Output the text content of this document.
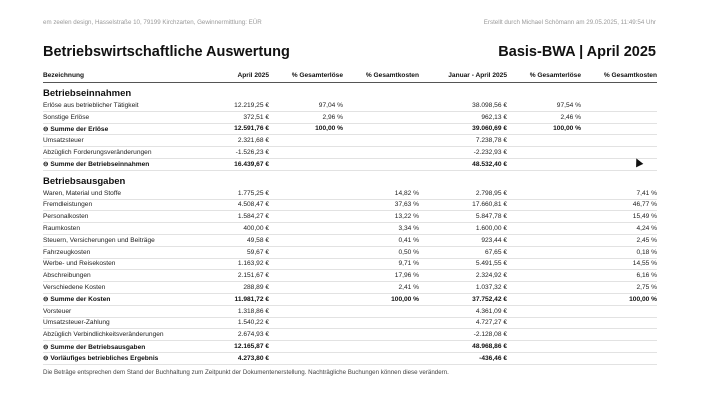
em zeelen design, Hasselstraße 10, 79199 Kirchzarten, Gewinnermittlung: EÜR	Erstellt durch Michael Schömann am 29.05.2025, 11:49:54 Uhr
Betriebswirtschaftliche Auswertung	Basis-BWA | April 2025
Bezeichnung	April 2025	% Gesamterlöse	% Gesamtkosten	Januar - April 2025	% Gesamterlöse	% Gesamtkosten
Betriebseinnahmen						
Erlöse aus betrieblicher Tätigkeit	12.219,25 €	97,04 %		38.098,56 €	97,54 %	
Sonstige Erlöse	372,51 €	2,96 %		962,13 €	2,46 %	
⊖ Summe der Erlöse	12.591,76 €	100,00 %		39.060,69 €	100,00 %	
Umsatzsteuer	2.321,68 €			7.238,78 €		
Abzüglich Forderungsveränderungen	-1.526,23 €			-2.232,93 €		
⊖ Summe der Betriebseinnahmen	16.439,67 €			48.532,40 €		
Betriebsausgaben						
Waren, Material und Stoffe	1.775,25 €		14,82 %	2.798,95 €		7,41 %
Fremdleistungen	4.508,47 €		37,63 %	17.660,81 €		46,77 %
Personalkosten	1.584,27 €		13,22 %	5.847,78 €		15,49 %
Raumkosten	400,00 €		3,34 %	1.600,00 €		4,24 %
Steuern, Versicherungen und Beiträge	49,58 €		0,41 %	923,44 €		2,45 %
Fahrzeugkosten	59,67 €		0,50 %	67,65 €		0,18 %
Werbe- und Reisekosten	1.163,92 €		9,71 %	5.491,55 €		14,55 %
Abschreibungen	2.151,67 €		17,96 %	2.324,92 €		6,16 %
Verschiedene Kosten	288,89 €		2,41 %	1.037,32 €		2,75 %
⊖ Summe der Kosten	11.981,72 €		100,00 %	37.752,42 €		100,00 %
Vorsteuer	1.318,86 €			4.361,09 €		
Umsatzsteuer-Zahlung	1.540,22 €			4.727,27 €		
Abzüglich Verbindlichkeitsveränderungen	2.674,93 €			-2.128,08 €		
⊖ Summe der Betriebsausgaben	12.165,87 €			48.968,86 €		
⊖ Vorläufiges betriebliches Ergebnis	4.273,80 €			-436,46 €		
Die Beträge entsprechen dem Stand der Buchhaltung zum Zeitpunkt der Dokumentenerstellung. Nachträgliche Buchungen können diese verändern.
